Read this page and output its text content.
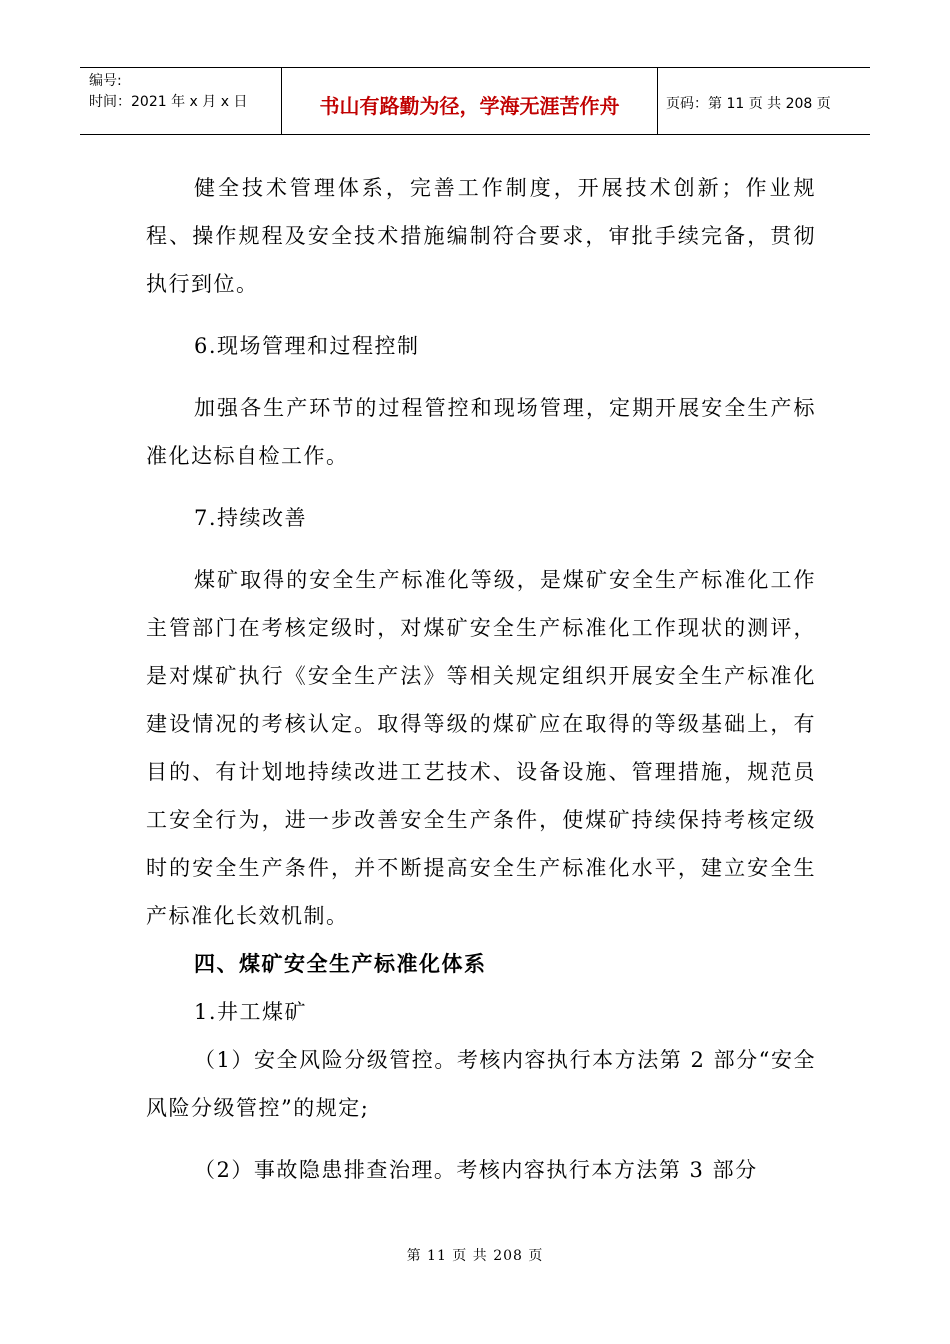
编号:
时间：2021 年 x 月 x 日	书山有路勤为径，学海无涯苦作舟	页码：第 11 页 共 208 页

健全技术管理体系，完善工作制度，开展技术创新；作业规程、操作规程及安全技术措施编制符合要求，审批手续完备，贯彻执行到位。

6.现场管理和过程控制

加强各生产环节的过程管控和现场管理，定期开展安全生产标准化达标自检工作。

7.持续改善

煤矿取得的安全生产标准化等级，是煤矿安全生产标准化工作主管部门在考核定级时，对煤矿安全生产标准化工作现状的测评，是对煤矿执行《安全生产法》等相关规定组织开展安全生产标准化建设情况的考核认定。取得等级的煤矿应在取得的等级基础上，有目的、有计划地持续改进工艺技术、设备设施、管理措施，规范员工安全行为，进一步改善安全生产条件，使煤矿持续保持考核定级时的安全生产条件，并不断提高安全生产标准化水平，建立安全生产标准化长效机制。

四、煤矿安全生产标准化体系

1.井工煤矿

（1）安全风险分级管控。考核内容执行本方法第 2 部分“安全风险分级管控”的规定;

（2）事故隐患排查治理。考核内容执行本方法第 3 部分

第 11 页 共 208 页
